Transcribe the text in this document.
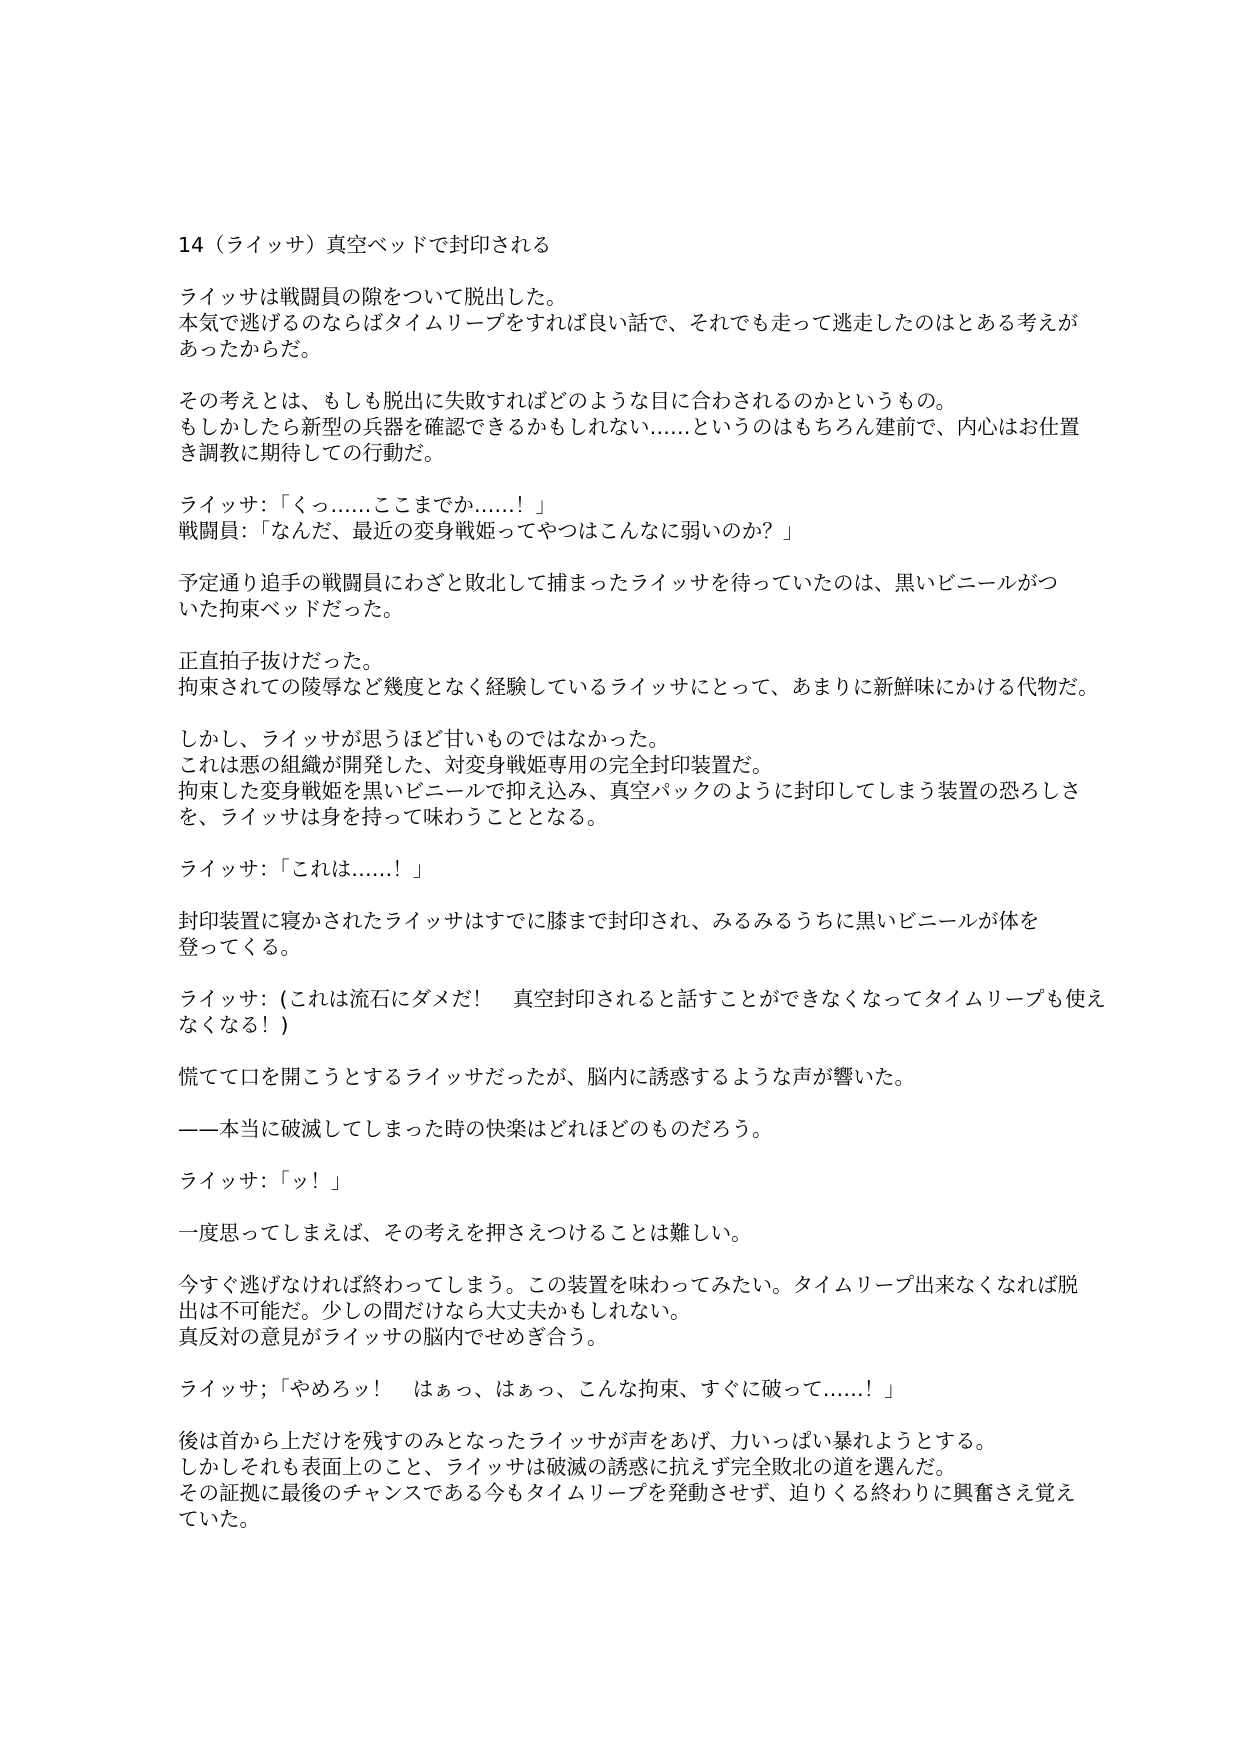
14（ライッサ）真空ベッドで封印される
ライッサは戦闘員の隙をついて脱出した。
本気で逃げるのならばタイムリープをすれば良い話で、それでも走って逃走したのはとある考えが
あったからだ。
その考えとは、もしも脱出に失敗すればどのような目に合わされるのかというもの。
もしかしたら新型の兵器を確認できるかもしれない……というのはもちろん建前で、内心はお仕置
き調教に期待しての行動だ。
ライッサ：「くっ……ここまでか……！」
戦闘員：「なんだ、最近の変身戦姫ってやつはこんなに弱いのか？」
予定通り追手の戦闘員にわざと敗北して捕まったライッサを待っていたのは、黒いビニールがつ
いた拘束ベッドだった。
正直拍子抜けだった。
拘束されての陵辱など幾度となく経験しているライッサにとって、あまりに新鮮味にかける代物だ。
しかし、ライッサが思うほど甘いものではなかった。
これは悪の組織が開発した、対変身戦姫専用の完全封印装置だ。
拘束した変身戦姫を黒いビニールで抑え込み、真空パックのように封印してしまう装置の恐ろしさ
を、ライッサは身を持って味わうこととなる。
ライッサ：「これは……！」
封印装置に寝かされたライッサはすでに膝まで封印され、みるみるうちに黒いビニールが体を
登ってくる。
ライッサ：(これは流石にダメだ！　真空封印されると話すことができなくなってタイムリープも使え
なくなる！)
慌てて口を開こうとするライッサだったが、脳内に誘惑するような声が響いた。
——本当に破滅してしまった時の快楽はどれほどのものだろう。
ライッサ：「ッ！」
一度思ってしまえば、その考えを押さえつけることは難しい。
今すぐ逃げなければ終わってしまう。この装置を味わってみたい。タイムリープ出来なくなれば脱
出は不可能だ。少しの間だけなら大丈夫かもしれない。
真反対の意見がライッサの脳内でせめぎ合う。
ライッサ；「やめろッ！　はぁっ、はぁっ、こんな拘束、すぐに破って……！」
後は首から上だけを残すのみとなったライッサが声をあげ、力いっぱい暴れようとする。
しかしそれも表面上のこと、ライッサは破滅の誘惑に抗えず完全敗北の道を選んだ。
その証拠に最後のチャンスである今もタイムリープを発動させず、迫りくる終わりに興奮さえ覚え
ていた。
